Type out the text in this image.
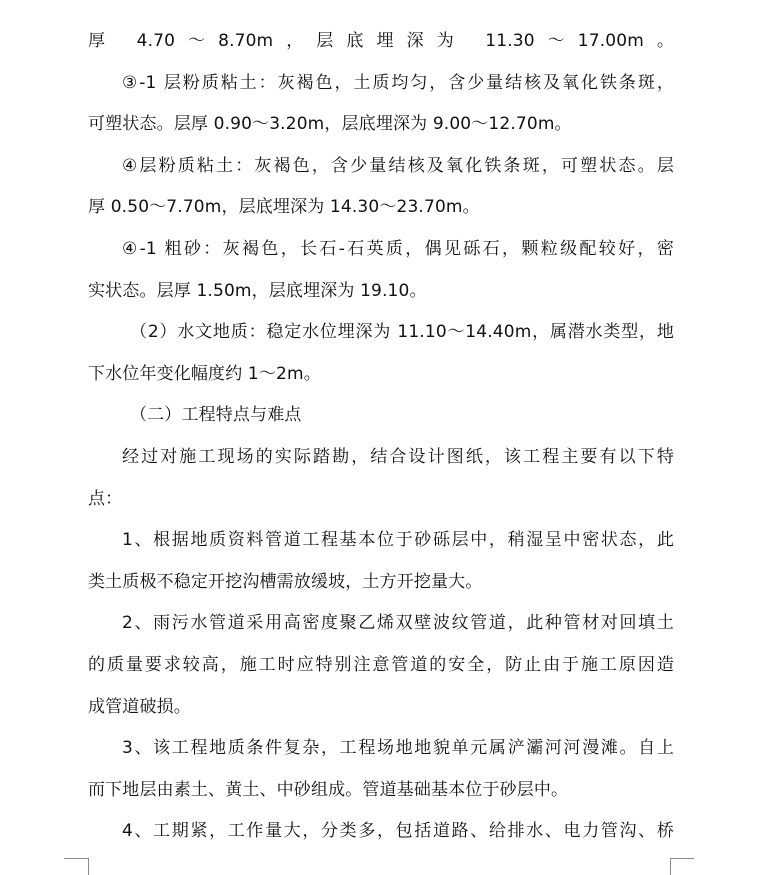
厚 4.70～8.70m，层底埋深为 11.30～17.00m。
③-1 层粉质粘土：灰褐色，土质均匀，含少量结核及氧化铁条斑，
可塑状态。层厚 0.90～3.20m，层底埋深为 9.00～12.70m。
④层粉质粘土：灰褐色，含少量结核及氧化铁条斑，可塑状态。层
厚 0.50～7.70m，层底埋深为 14.30～23.70m。
④-1 粗砂：灰褐色，长石-石英质，偶见砾石，颗粒级配较好，密
实状态。层厚 1.50m，层底埋深为 19.10。
（2）水文地质：稳定水位埋深为 11.10～14.40m，属潜水类型，地
下水位年变化幅度约 1～2m。
（二）工程特点与难点
经过对施工现场的实际踏勘，结合设计图纸，该工程主要有以下特
点：
1、根据地质资料管道工程基本位于砂砾层中，稍湿呈中密状态，此
类土质极不稳定开挖沟槽需放缓坡，土方开挖量大。
2、雨污水管道采用高密度聚乙烯双壁波纹管道，此种管材对回填土
的质量要求较高，施工时应特别注意管道的安全，防止由于施工原因造
成管道破损。
3、该工程地质条件复杂，工程场地地貌单元属浐灞河河漫滩。自上
而下地层由素土、黄土、中砂组成。管道基础基本位于砂层中。
4、工期紧，工作量大，分类多，包括道路、给排水、电力管沟、桥
